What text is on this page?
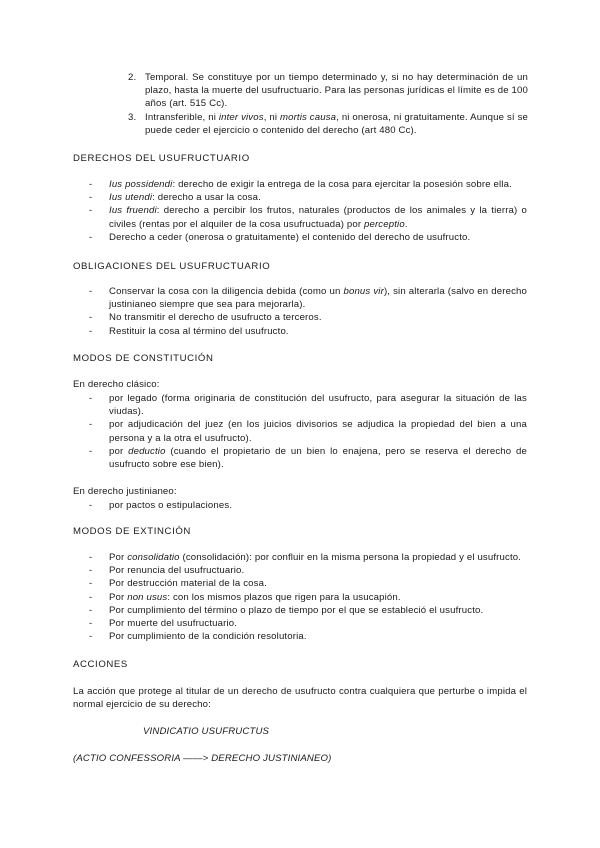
2. Temporal. Se constituye por un tiempo determinado y, si no hay determinación de un plazo, hasta la muerte del usufructuario. Para las personas jurídicas el límite es de 100 años (art. 515 Cc).

3. Intransferible, ni inter vivos, ni mortis causa, ni onerosa, ni gratuitamente. Aunque sí se puede ceder el ejercicio o contenido del derecho (art 480 Cc).

DERECHOS DEL USUFRUCTUARIO
- Ius possidendi: derecho de exigir la entrega de la cosa para ejercitar la posesión sobre ella.

- Ius utendi: derecho a usar la cosa.

- Ius fruendi: derecho a percibir los frutos, naturales (productos de los animales y la tierra) o civiles (rentas por el alquiler de la cosa usufructuada) por perceptio.

- Derecho a ceder (onerosa o gratuitamente) el contenido del derecho de usufructo.

OBLIGACIONES DEL USUFRUCTUARIO
- Conservar la cosa con la diligencia debida (como un bonus vir), sin alterarla (salvo en derecho justinianeo siempre que sea para mejorarla).

- No transmitir el derecho de usufructo a terceros.

- Restituir la cosa al término del usufructo.

MODOS DE CONSTITUCIÓN
En derecho clásico:
- por legado (forma originaria de constitución del usufructo, para asegurar la situación de las viudas).

- por adjudicación del juez (en los juicios divisorios se adjudica la propiedad del bien a una persona y a la otra el usufructo).

- por deductio (cuando el propietario de un bien lo enajena, pero se reserva el derecho de usufructo sobre ese bien).

En derecho justinianeo:
- por pactos o estipulaciones.

MODOS DE EXTINCIÓN
- Por consolidatio (consolidación): por confluir en la misma persona la propiedad y el usufructo.

- Por renuncia del usufructuario.

- Por destrucción material de la cosa.

- Por non usus: con los mismos plazos que rigen para la usucapión.

- Por cumplimiento del término o plazo de tiempo por el que se estableció el usufructo.

- Por muerte del usufructuario.

- Por cumplimiento de la condición resolutoria.

ACCIONES
La acción que protege al titular de un derecho de usufructo contra cualquiera que perturbe o impida el normal ejercicio de su derecho:
VINDICATIO USUFRUCTUS
(ACTIO CONFESSORIA ——> DERECHO JUSTINIANEO)
